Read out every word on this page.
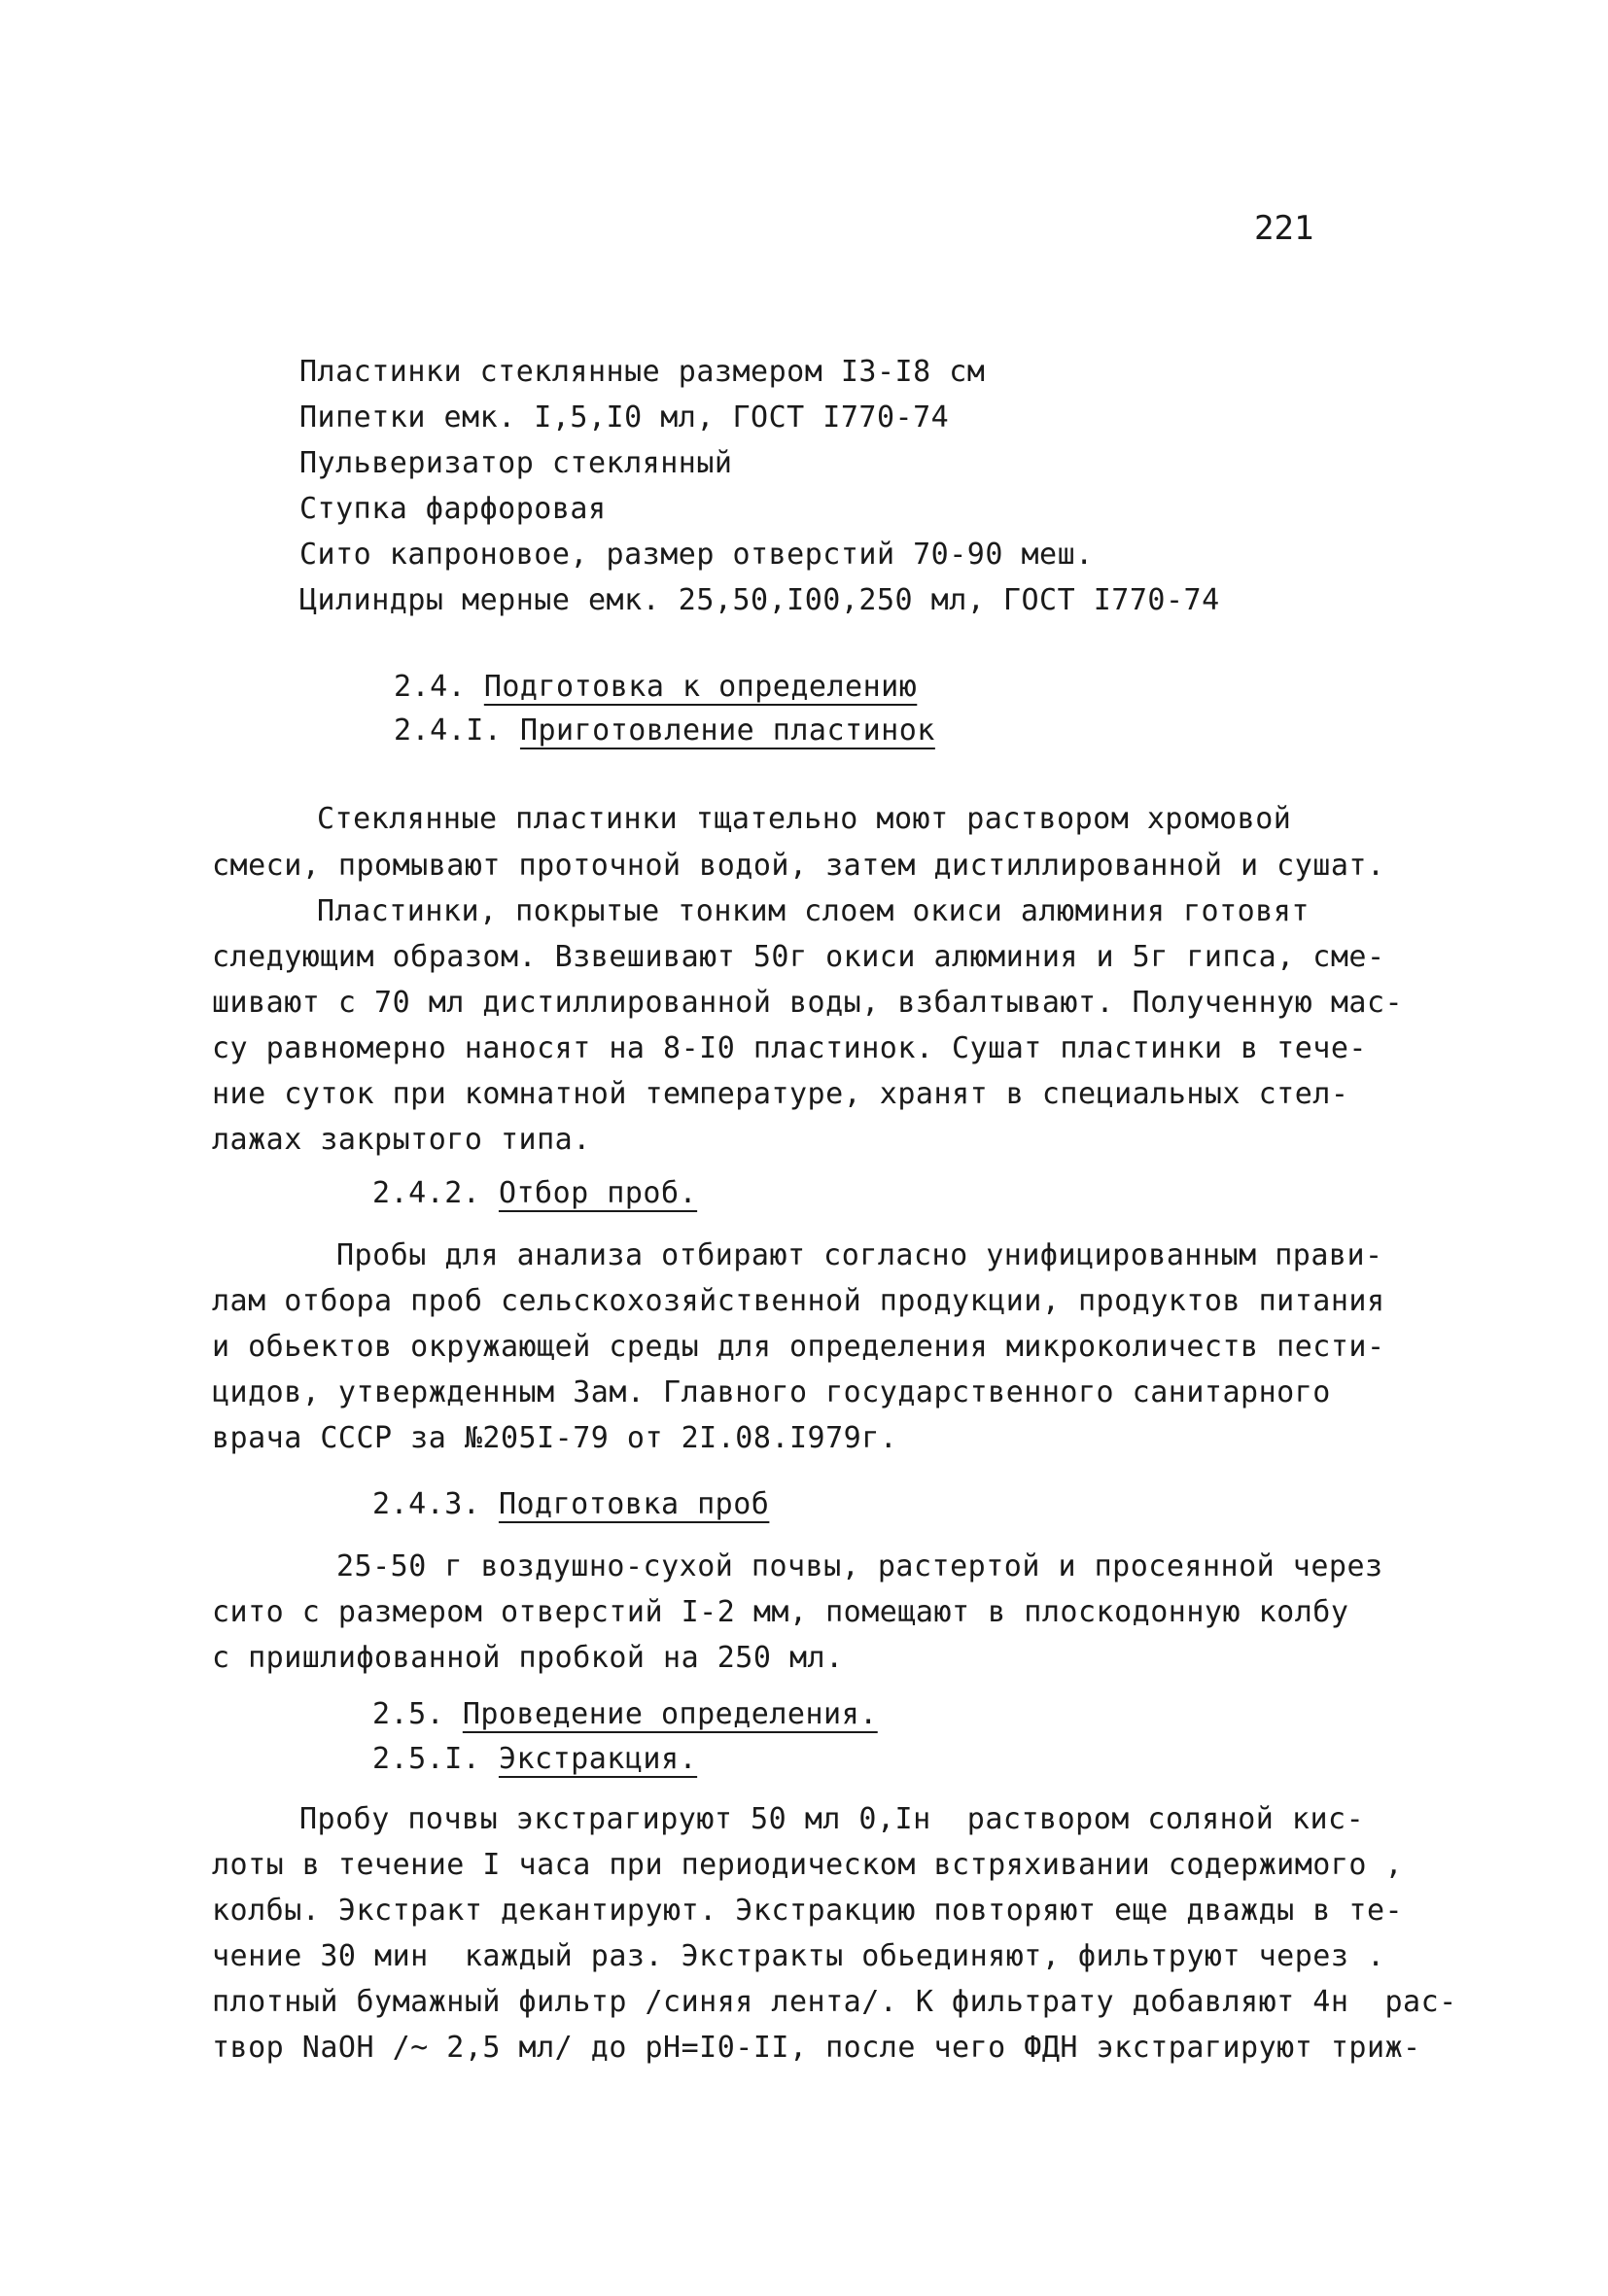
221
Пластинки стеклянные размером I3-I8 см
Пипетки емк. I,5,I0 мл, ГОСТ I770-74
Пульверизатор стеклянный
Ступка фарфоровая
Сито капроновое, размер отверстий 70-90 меш.
Цилиндры мерные емк. 25,50,I00,250 мл, ГОСТ I770-74
2.4. Подготовка к определению
2.4.I. Приготовление пластинок
Стеклянные пластинки тщательно моют раствором хромовой
смеси, промывают проточной водой, затем дистиллированной и сушат.
Пластинки, покрытые тонким слоем окиси алюминия готовят
следующим образом. Взвешивают 50г окиси алюминия и 5г гипса, сме-
шивают с 70 мл дистиллированной воды, взбалтывают. Полученную мас-
су равномерно наносят на 8-I0 пластинок. Сушат пластинки в тече-
ние суток при комнатной температуре, хранят в специальных стел-
лажах закрытого типа.
2.4.2. Отбор проб.
Пробы для анализа отбирают согласно унифицированным прави-
лам отбора проб сельскохозяйственной продукции, продуктов питания
и обьектов окружающей среды для определения микроколичеств пести-
цидов, утвержденным Зам. Главного государственного санитарного
врача СССР за №205I-79 от 2I.08.I979г.
2.4.3. Подготовка проб
25-50 г воздушно-сухой почвы, растертой и просеянной через
сито с размером отверстий I-2 мм, помещают в плоскодонную колбу
с пришлифованной пробкой на 250 мл.
2.5. Проведение определения.
2.5.I. Экстракция.
Пробу почвы экстрагируют 50 мл 0,Iн  раствором соляной кис-
лоты в течение I часа при периодическом встряхивании содержимого ,
колбы. Экстракт декантируют. Экстракцию повторяют еще дважды в те-
чение 30 мин  каждый раз. Экстракты обьединяют, фильтруют через .
плотный бумажный фильтр /синяя лента/. К фильтрату добавляют 4н  рас-
твор NaOH /~ 2,5 мл/ до рН=I0-II, после чего ФДН экстрагируют триж-
